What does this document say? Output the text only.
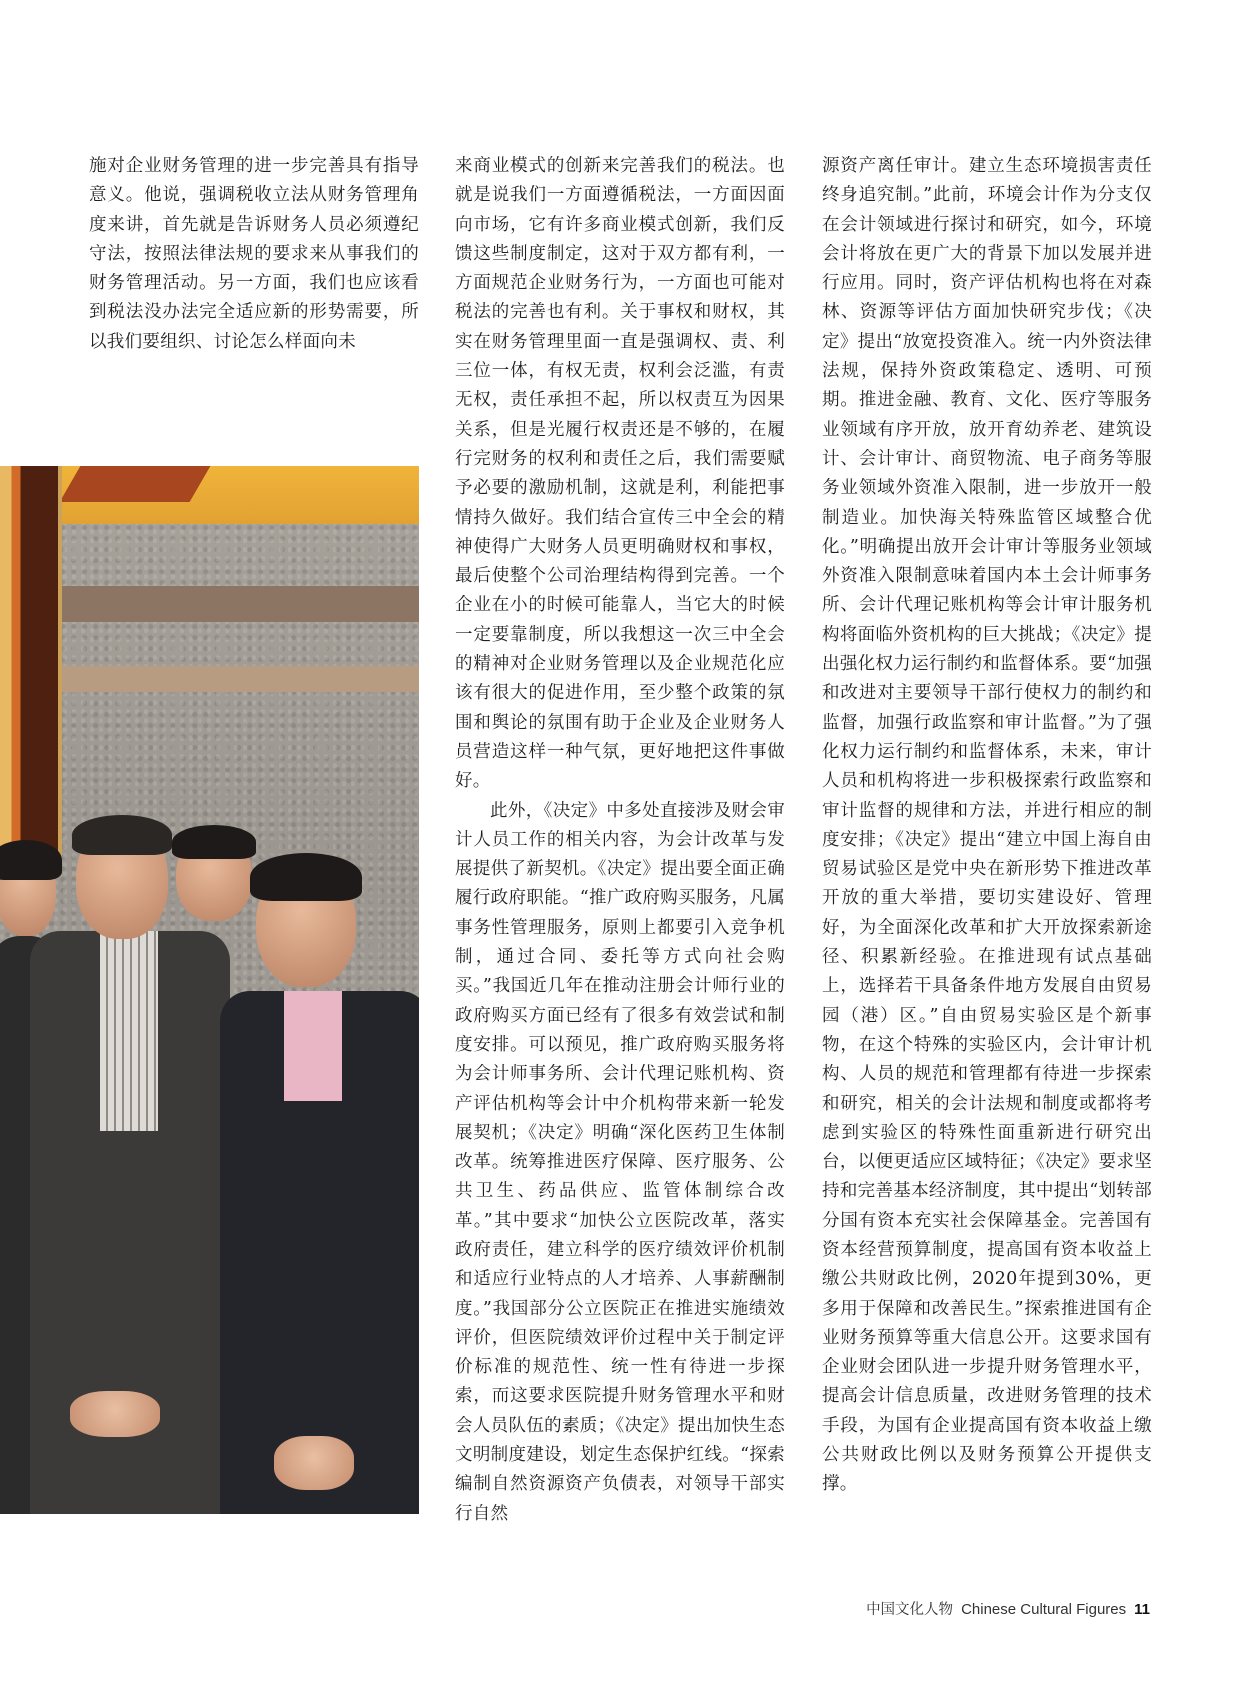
施对企业财务管理的进一步完善具有指导意义。他说，强调税收立法从财务管理角度来讲，首先就是告诉财务人员必须遵纪守法，按照法律法规的要求来从事我们的财务管理活动。另一方面，我们也应该看到税法没办法完全适应新的形势需要，所以我们要组织、讨论怎么样面向未

来商业模式的创新来完善我们的税法。也就是说我们一方面遵循税法，一方面因面向市场，它有许多商业模式创新，我们反馈这些制度制定，这对于双方都有利，一方面规范企业财务行为，一方面也可能对税法的完善也有利。关于事权和财权，其实在财务管理里面一直是强调权、责、利三位一体，有权无责，权利会泛滥，有责无权，责任承担不起，所以权责互为因果关系，但是光履行权责还是不够的，在履行完财务的权利和责任之后，我们需要赋予必要的激励机制，这就是利，利能把事情持久做好。我们结合宣传三中全会的精神使得广大财务人员更明确财权和事权，最后使整个公司治理结构得到完善。一个企业在小的时候可能靠人，当它大的时候一定要靠制度，所以我想这一次三中全会的精神对企业财务管理以及企业规范化应该有很大的促进作用，至少整个政策的氛围和舆论的氛围有助于企业及企业财务人员营造这样一种气氛，更好地把这件事做好。

此外，《决定》中多处直接涉及财会审计人员工作的相关内容，为会计改革与发展提供了新契机。《决定》提出要全面正确履行政府职能。“推广政府购买服务，凡属事务性管理服务，原则上都要引入竞争机制，通过合同、委托等方式向社会购买。”我国近几年在推动注册会计师行业的政府购买方面已经有了很多有效尝试和制度安排。可以预见，推广政府购买服务将为会计师事务所、会计代理记账机构、资产评估机构等会计中介机构带来新一轮发展契机；《决定》明确“深化医药卫生体制改革。统筹推进医疗保障、医疗服务、公共卫生、药品供应、监管体制综合改革。”其中要求“加快公立医院改革，落实政府责任，建立科学的医疗绩效评价机制和适应行业特点的人才培养、人事薪酬制度。”我国部分公立医院正在推进实施绩效评价，但医院绩效评价过程中关于制定评价标准的规范性、统一性有待进一步探索，而这要求医院提升财务管理水平和财会人员队伍的素质；《决定》提出加快生态文明制度建设，划定生态保护红线。“探索编制自然资源资产负债表，对领导干部实行自然

源资产离任审计。建立生态环境损害责任终身追究制。”此前，环境会计作为分支仅在会计领域进行探讨和研究，如今，环境会计将放在更广大的背景下加以发展并进行应用。同时，资产评估机构也将在对森林、资源等评估方面加快研究步伐；《决定》提出“放宽投资准入。统一内外资法律法规，保持外资政策稳定、透明、可预期。推进金融、教育、文化、医疗等服务业领域有序开放，放开育幼养老、建筑设计、会计审计、商贸物流、电子商务等服务业领域外资准入限制，进一步放开一般制造业。加快海关特殊监管区域整合优化。”明确提出放开会计审计等服务业领域外资准入限制意味着国内本土会计师事务所、会计代理记账机构等会计审计服务机构将面临外资机构的巨大挑战；《决定》提出强化权力运行制约和监督体系。要“加强和改进对主要领导干部行使权力的制约和监督，加强行政监察和审计监督。”为了强化权力运行制约和监督体系，未来，审计人员和机构将进一步积极探索行政监察和审计监督的规律和方法，并进行相应的制度安排；《决定》提出“建立中国上海自由贸易试验区是党中央在新形势下推进改革开放的重大举措，要切实建设好、管理好，为全面深化改革和扩大开放探索新途径、积累新经验。在推进现有试点基础上，选择若干具备条件地方发展自由贸易园（港）区。”自由贸易实验区是个新事物，在这个特殊的实验区内，会计审计机构、人员的规范和管理都有待进一步探索和研究，相关的会计法规和制度或都将考虑到实验区的特殊性面重新进行研究出台，以便更适应区域特征；《决定》要求坚持和完善基本经济制度，其中提出“划转部分国有资本充实社会保障基金。完善国有资本经营预算制度，提高国有资本收益上缴公共财政比例，2020年提到30%，更多用于保障和改善民生。”探索推进国有企业财务预算等重大信息公开。这要求国有企业财会团队进一步提升财务管理水平，提高会计信息质量，改进财务管理的技术手段，为国有企业提高国有资本收益上缴公共财政比例以及财务预算公开提供支撑。

中国文化人物 Chinese Cultural Figures 11
